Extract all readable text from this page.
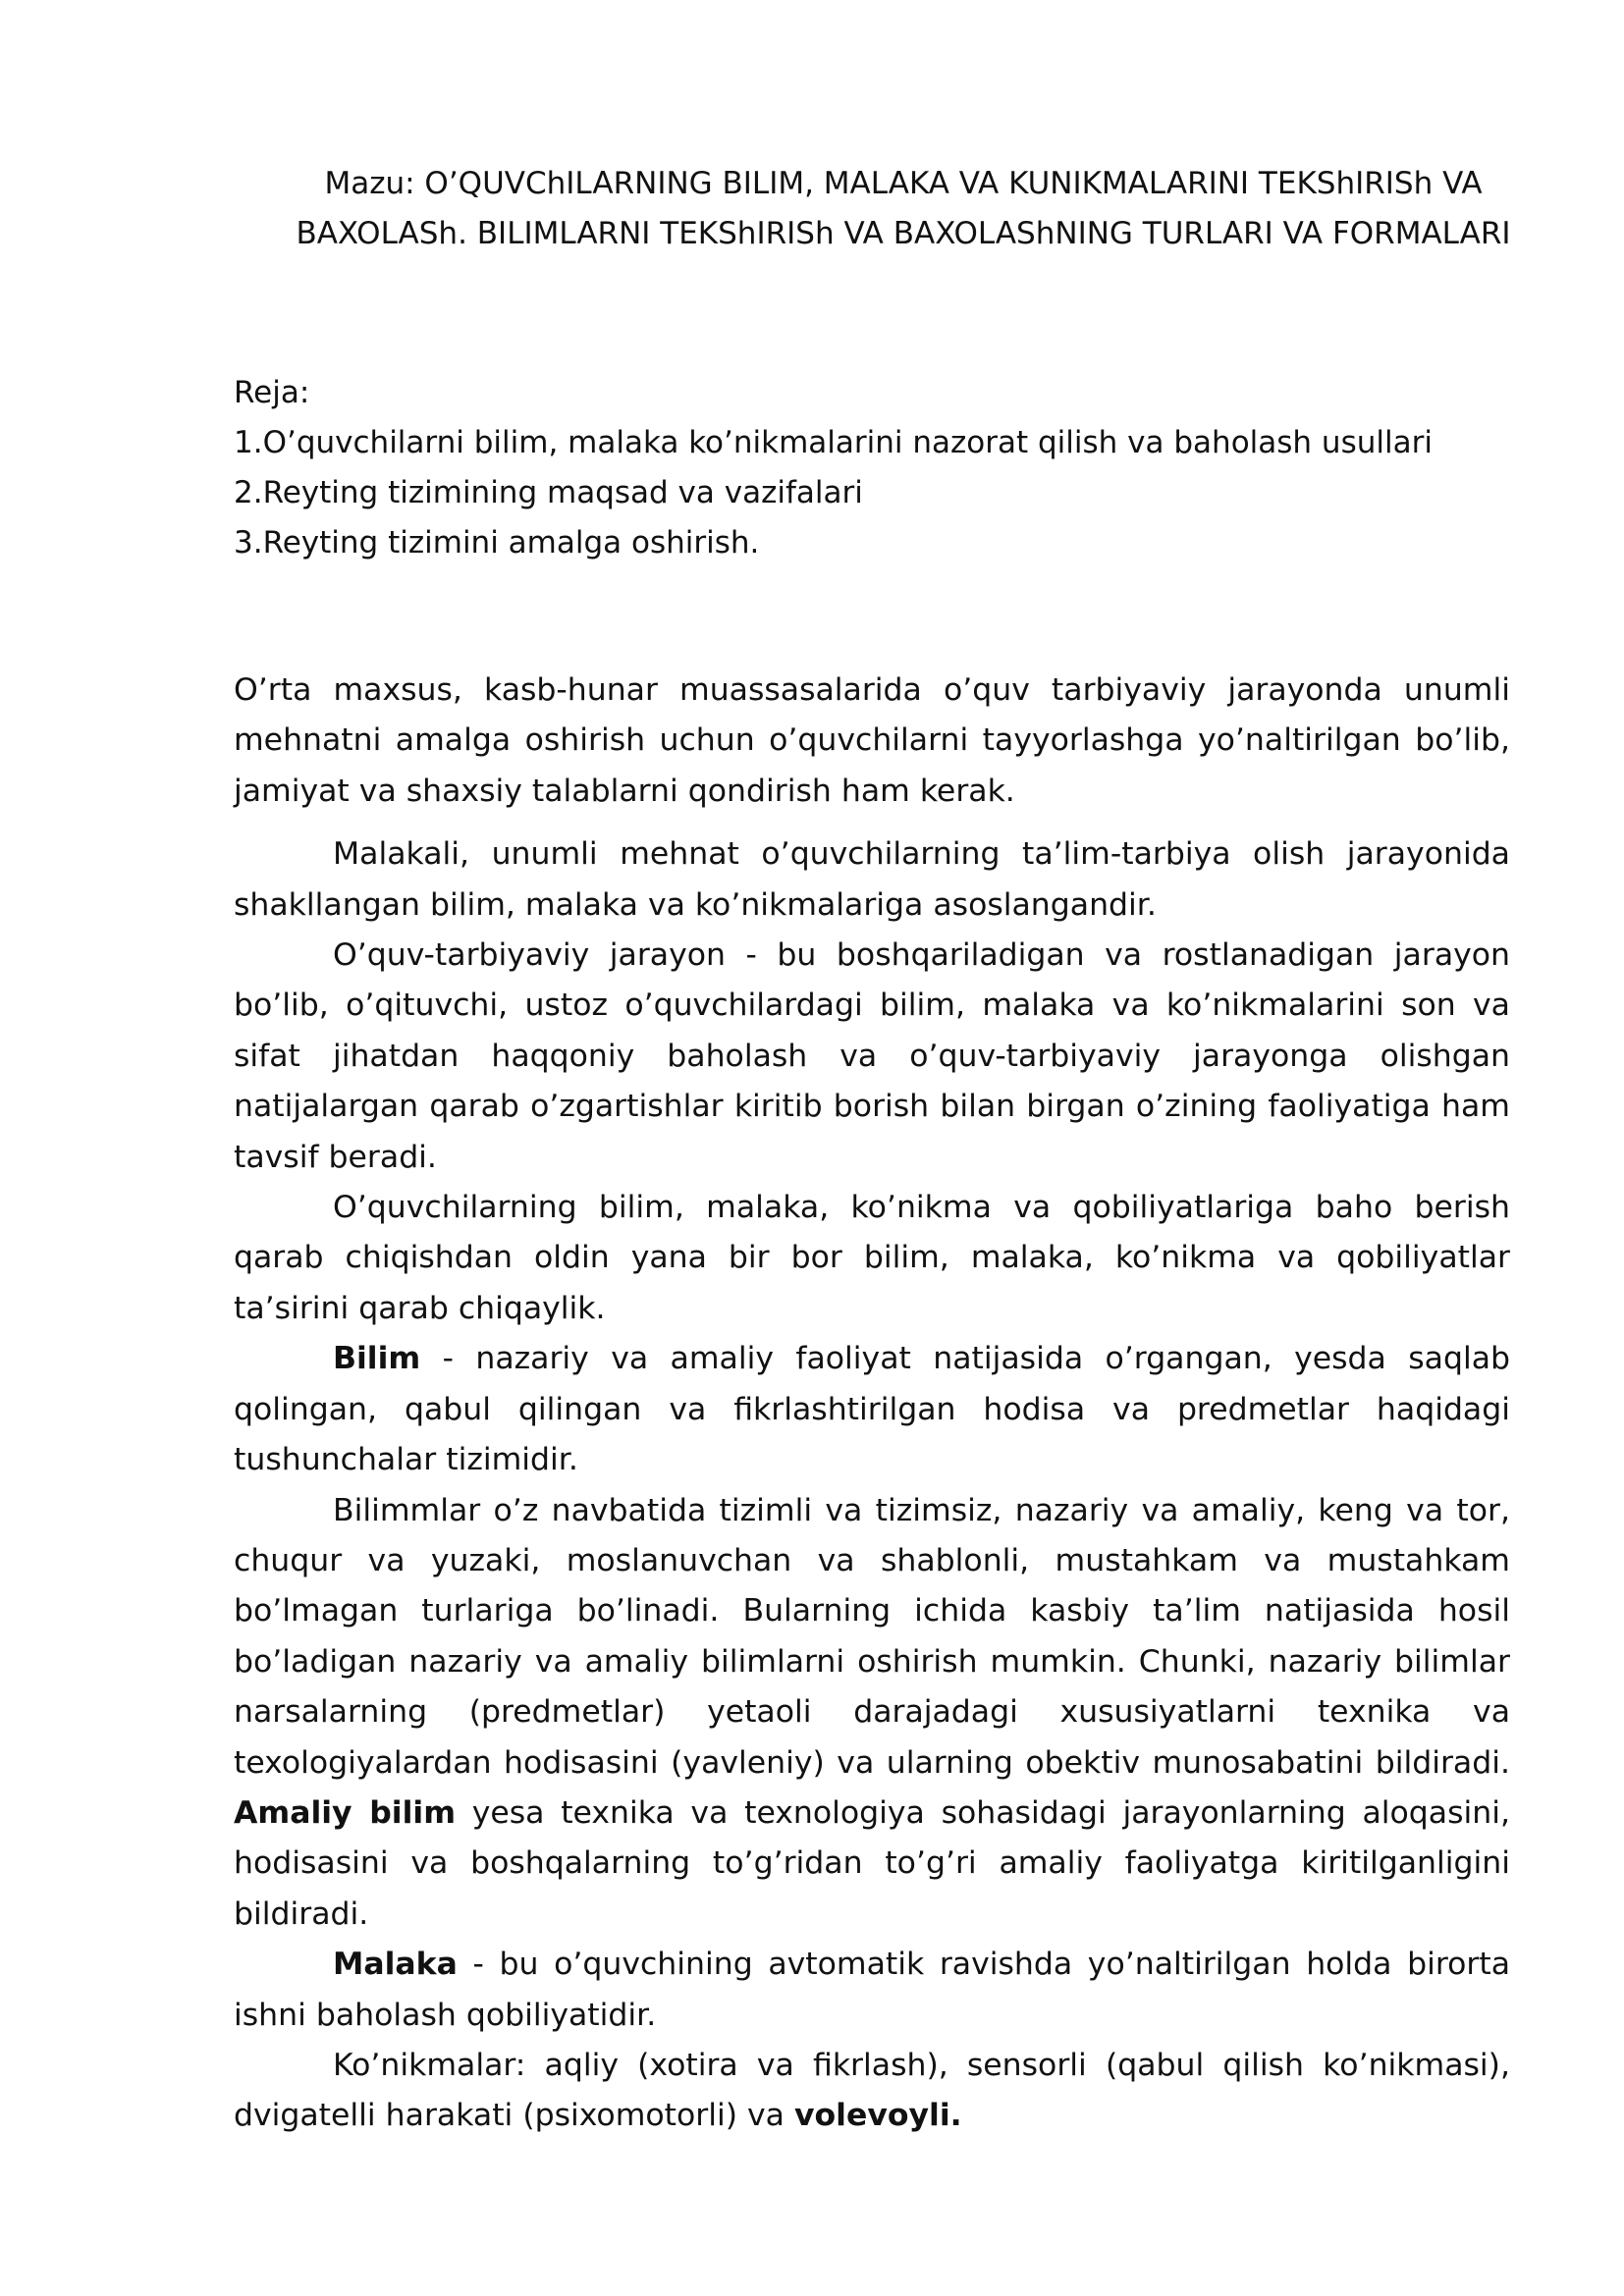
Mazu: O’QUVChILARNING BILIM, MALAKA VA KUNIKMALARINI TEKShIRISh VA BAXOLASh. BILIMLARNI TEKShIRISh VA BAXOLAShNING TURLARI VA FORMALARI
Reja:
1.O’quvchilarni bilim, malaka ko’nikmalarini nazorat qilish va baholash usullari
2.Reyting tizimining maqsad va vazifalari
3.Reyting tizimini amalga oshirish.

O’rta maxsus, kasb-hunar muassasalarida o’quv tarbiyaviy jarayonda unumli mehnatni amalga oshirish uchun o’quvchilarni tayyorlashga yo’naltirilgan bo’lib, jamiyat va shaxsiy talablarni qondirish ham kerak.

Malakali, unumli mehnat o’quvchilarning ta’lim-tarbiya olish jarayonida shakllangan bilim, malaka va ko’nikmalariga asoslangandir.

O’quv-tarbiyaviy jarayon - bu boshqariladigan va rostlanadigan jarayon bo’lib, o’qituvchi, ustoz o’quvchilardagi bilim, malaka va ko’nikmalarini son va sifat jihatdan haqqoniy baholash va o’quv-tarbiyaviy jarayonga olishgan natijalargan qarab o’zgartishlar kiritib borish bilan birgan o’zining faoliyatiga ham tavsif beradi.

O’quvchilarning bilim, malaka, ko’nikma va qobiliyatlariga baho berish qarab chiqishdan oldin yana bir bor bilim, malaka, ko’nikma va qobiliyatlar ta’sirini qarab chiqaylik.

Bilim - nazariy va amaliy faoliyat natijasida o’rgangan, yesda saqlab qolingan, qabul qilingan va fikrlashtirilgan hodisa va predmetlar haqidagi tushunchalar tizimidir.

Bilimmlar o’z navbatida tizimli va tizimsiz, nazariy va amaliy, keng va tor, chuqur va yuzaki, moslanuvchan va shablonli, mustahkam va mustahkam bo’lmagan turlariga bo’linadi. Bularning ichida kasbiy ta’lim natijasida hosil bo’ladigan nazariy va amaliy bilimlarni oshirish mumkin. Chunki, nazariy bilimlar narsalarning (predmetlar) yetaoli darajadagi xususiyatlarni texnika va texologiyalardan hodisasini (yavleniy) va ularning obektiv munosabatini bildiradi. Amaliy bilim yesa texnika va texnologiya sohasidagi jarayonlarning aloqasini, hodisasini va boshqalarning to’g’ridan to’g’ri amaliy faoliyatga kiritilganligini bildiradi.

Malaka - bu o’quvchining avtomatik ravishda yo’naltirilgan holda birorta ishni baholash qobiliyatidir.

Ko’nikmalar: aqliy (xotira va fikrlash), sensorli (qabul qilish ko’nikmasi), dvigatelli harakati (psixomotorli) va volevoyli.
